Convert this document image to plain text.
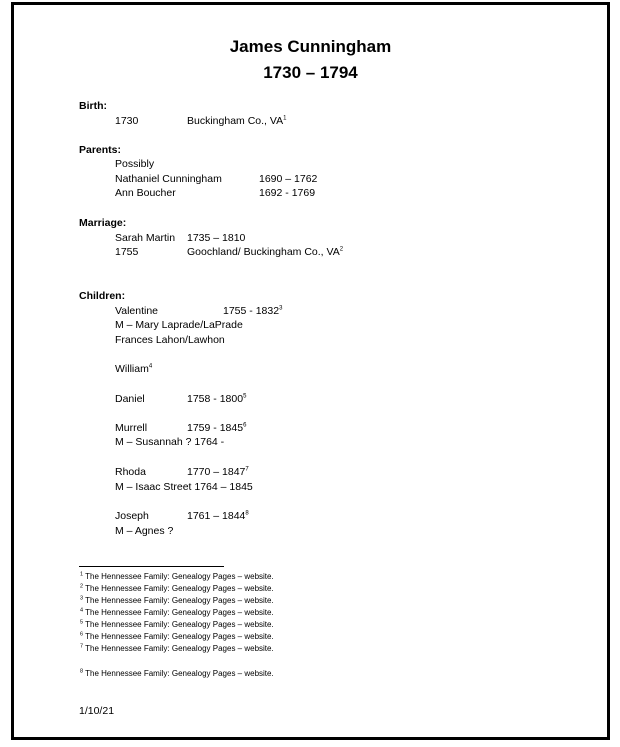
James Cunningham
1730 – 1794
Birth:
1730	Buckingham Co., $VA^1$
Parents:
Possibly
Nathaniel Cunningham	1690 – 1762
Ann Boucher	1692 - 1769
Marriage:
Sarah Martin 1735 – 1810
1755	Goochland/ Buckingham Co., $VA^2$
Children:
Valentine	1755 - 1832$^3$
M – Mary Laprade/LaPrade
Frances Lahon/Lawhon
William$^4$
Daniel	1758 - 1800$^5$
Murrell	1759 - 1845$^6$
M – Susannah ? 1764 -
Rhoda	1770 – 1847$^7$
M – Isaac Street 1764 – 1845
Joseph	1761 – 1844$^8$
M – Agnes ?
$^1$ The Hennessee Family: Genealogy Pages – website.
$^2$ The Hennessee Family: Genealogy Pages – website.
$^3$ The Hennessee Family: Genealogy Pages – website.
$^4$ The Hennessee Family: Genealogy Pages – website.
$^5$ The Hennessee Family: Genealogy Pages – website.
$^6$ The Hennessee Family: Genealogy Pages – website.
$^7$ The Hennessee Family: Genealogy Pages – website.
$^8$ The Hennessee Family: Genealogy Pages – website.
1/10/21
